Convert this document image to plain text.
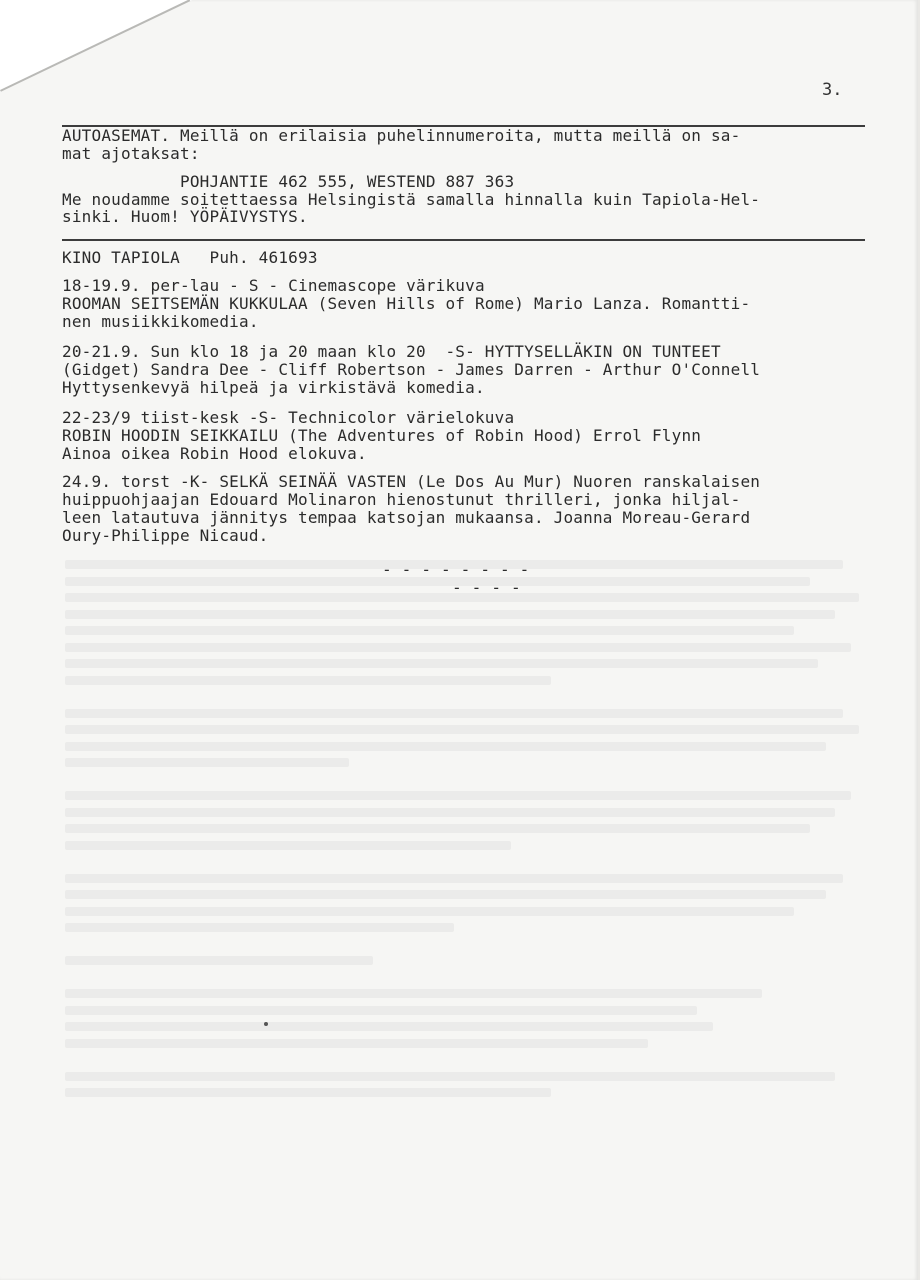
3.
AUTOASEMAT. Meillä on erilaisia puhelinnumeroita, mutta meillä on sa-
mat ajotaksat:
POHJANTIE 462 555, WESTEND 887 363
Me noudamme soitettaessa Helsingistä samalla hinnalla kuin Tapiola-Hel-
sinki. Huom! YÖPÄIVYSTYS.
KINO TAPIOLA   Puh. 461693
18-19.9. per-lau - S - Cinemascope värikuva
ROOMAN SEITSEMÄN KUKKULAA (Seven Hills of Rome) Mario Lanza. Romantti-
nen musiikkikomedia.
20-21.9. Sun klo 18 ja 20 maan klo 20  -S- HYTTYSELLÄKIN ON TUNTEET
(Gidget) Sandra Dee - Cliff Robertson - James Darren - Arthur O'Connell
Hyttysenkevyä hilpeä ja virkistävä komedia.
22-23/9 tiist-kesk -S- Technicolor värielokuva
ROBIN HOODIN SEIKKAILU (The Adventures of Robin Hood) Errol Flynn
Ainoa oikea Robin Hood elokuva.
24.9. torst -K- SELKÄ SEINÄÄ VASTEN (Le Dos Au Mur) Nuoren ranskalaisen
huippuohjaajan Edouard Molinaron hienostunut thrilleri, jonka hiljal-
leen latautuva jännitys tempaa katsojan mukaansa. Joanna Moreau-Gerard
Oury-Philippe Nicaud.
- - - - - - - -
- - - -
